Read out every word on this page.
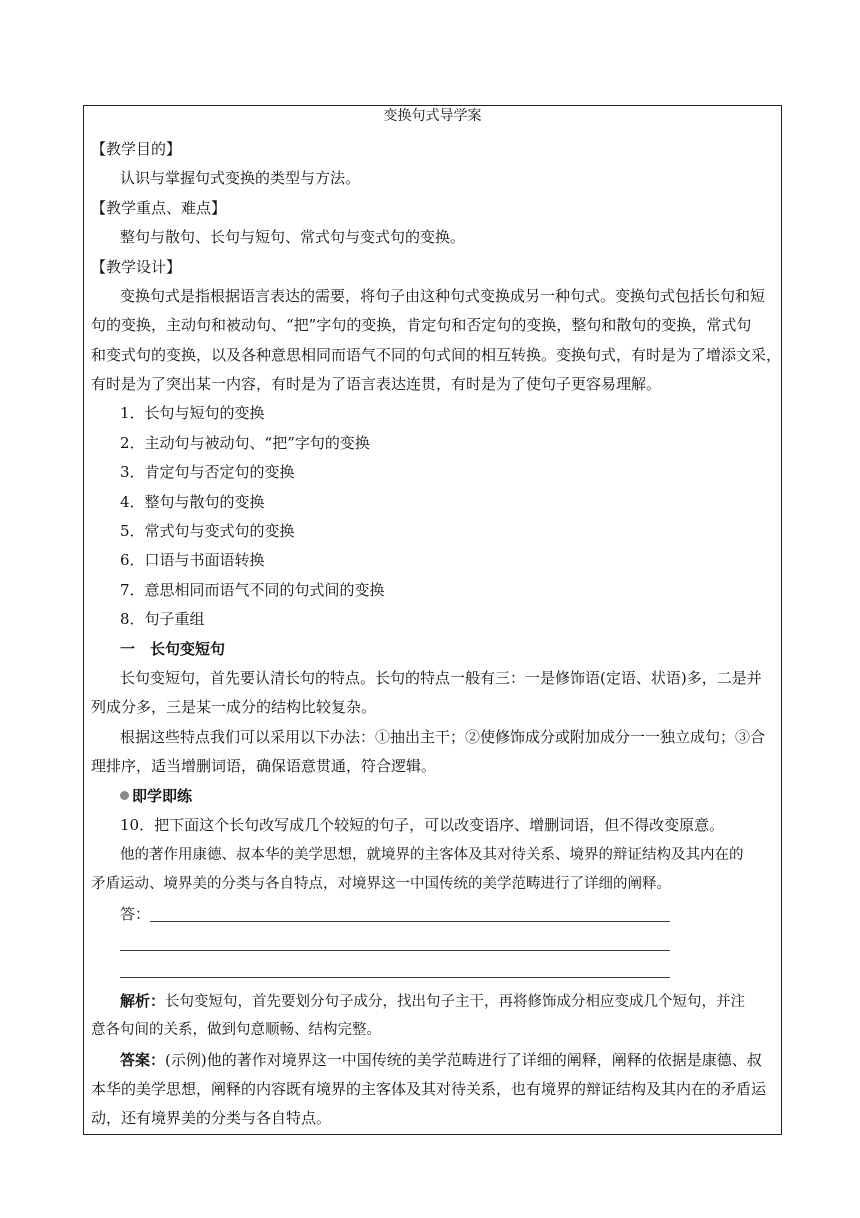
变换句式导学案
【教学目的】
认识与掌握句式变换的类型与方法。
【教学重点、难点】
整句与散句、长句与短句、常式句与变式句的变换。
【教学设计】
变换句式是指根据语言表达的需要，将句子由这种句式变换成另一种句式。变换句式包括长句和短
句的变换，主动句和被动句、“把”字句的变换，肯定句和否定句的变换，整句和散句的变换，常式句
和变式句的变换，以及各种意思相同而语气不同的句式间的相互转换。变换句式，有时是为了增添文采，
有时是为了突出某一内容，有时是为了语言表达连贯，有时是为了使句子更容易理解。
1．长句与短句的变换
2．主动句与被动句、“把”字句的变换
3．肯定句与否定句的变换
4．整句与散句的变换
5．常式句与变式句的变换
6．口语与书面语转换
7．意思相同而语气不同的句式间的变换
8．句子重组
一　长句变短句
长句变短句，首先要认清长句的特点。长句的特点一般有三：一是修饰语(定语、状语)多，二是并
列成分多，三是某一成分的结构比较复杂。
根据这些特点我们可以采用以下办法：①抽出主干；②使修饰成分或附加成分一一独立成句；③合
理排序，适当增删词语，确保语意贯通，符合逻辑。
即学即练
10．把下面这个长句改写成几个较短的句子，可以改变语序、增删词语，但不得改变原意。
他的著作用康德、叔本华的美学思想，就境界的主客体及其对待关系、境界的辩证结构及其内在的
矛盾运动、境界美的分类与各自特点，对境界这一中国传统的美学范畴进行了详细的阐释。
答：
解析：长句变短句，首先要划分句子成分，找出句子主干，再将修饰成分相应变成几个短句，并注
意各句间的关系，做到句意顺畅、结构完整。
答案：(示例)他的著作对境界这一中国传统的美学范畴进行了详细的阐释，阐释的依据是康德、叔
本华的美学思想，阐释的内容既有境界的主客体及其对待关系，也有境界的辩证结构及其内在的矛盾运
动，还有境界美的分类与各自特点。
